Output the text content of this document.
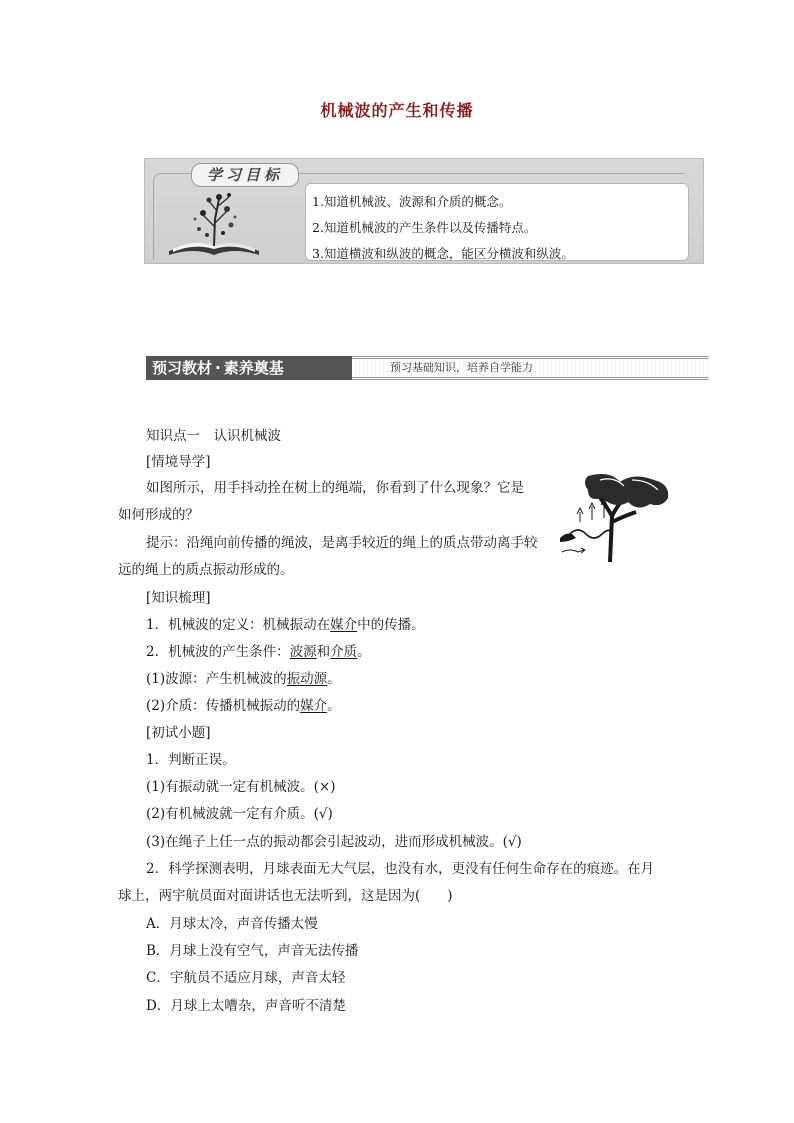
机械波的产生和传播
学习目标
1.知道机械波、波源和介质的概念。
2.知道机械波的产生条件以及传播特点。
3.知道横波和纵波的概念，能区分横波和纵波。
预习教材 · 素养奠基	预习基础知识，培养自学能力
知识点一　认识机械波
[情境导学]
如图所示，用手抖动拴在树上的绳端，你看到了什么现象？它是
如何形成的？
提示：沿绳向前传播的绳波，是离手较近的绳上的质点带动离手较
远的绳上的质点振动形成的。
[知识梳理]
1．机械波的定义：机械振动在媒介中的传播。
2．机械波的产生条件：波源和介质。
(1)波源：产生机械波的振动源。
(2)介质：传播机械振动的媒介。
[初试小题]
1．判断正误。
(1)有振动就一定有机械波。(×)
(2)有机械波就一定有介质。(√)
(3)在绳子上任一点的振动都会引起波动，进而形成机械波。(√)
2．科学探测表明，月球表面无大气层，也没有水，更没有任何生命存在的痕迹。在月
球上，两宇航员面对面讲话也无法听到，这是因为(　　)
A．月球太冷，声音传播太慢
B．月球上没有空气，声音无法传播
C．宇航员不适应月球，声音太轻
D．月球上太嘈杂，声音听不清楚
